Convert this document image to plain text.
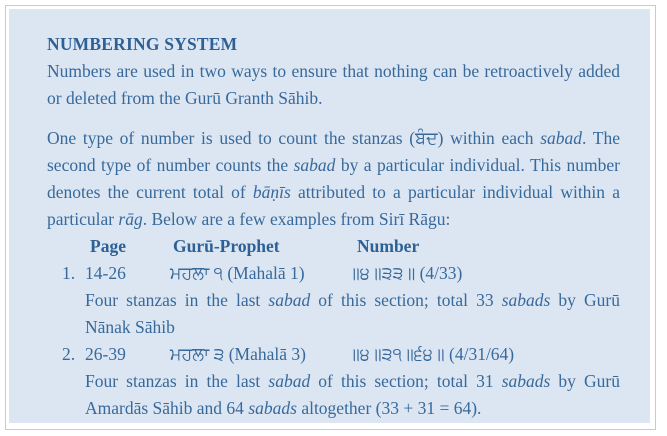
NUMBERING SYSTEM

Numbers are used in two ways to ensure that nothing can be retroactively added or deleted from the Gurū Granth Sāhib.

One type of number is used to count the stanzas (ਬੰਦ) within each sabad. The second type of number counts the sabad by a particular individual. This number denotes the current total of bāṇīs attributed to a particular individual within a particular rāg. Below are a few examples from Sirī Rāgu:

Page	Gurū-Prophet	Number
1. 14-26	ਮਹਲਾ ੧ (Mahalā 1)	॥੪॥੩੩॥ (4/33)
Four stanzas in the last sabad of this section; total 33 sabads by Gurū Nānak Sāhib
2. 26-39	ਮਹਲਾ ੩ (Mahalā 3)	॥੪॥੩੧॥੬੪॥ (4/31/64)
Four stanzas in the last sabad of this section; total 31 sabads by Gurū Amardās Sāhib and 64 sabads altogether (33 + 31 = 64).
